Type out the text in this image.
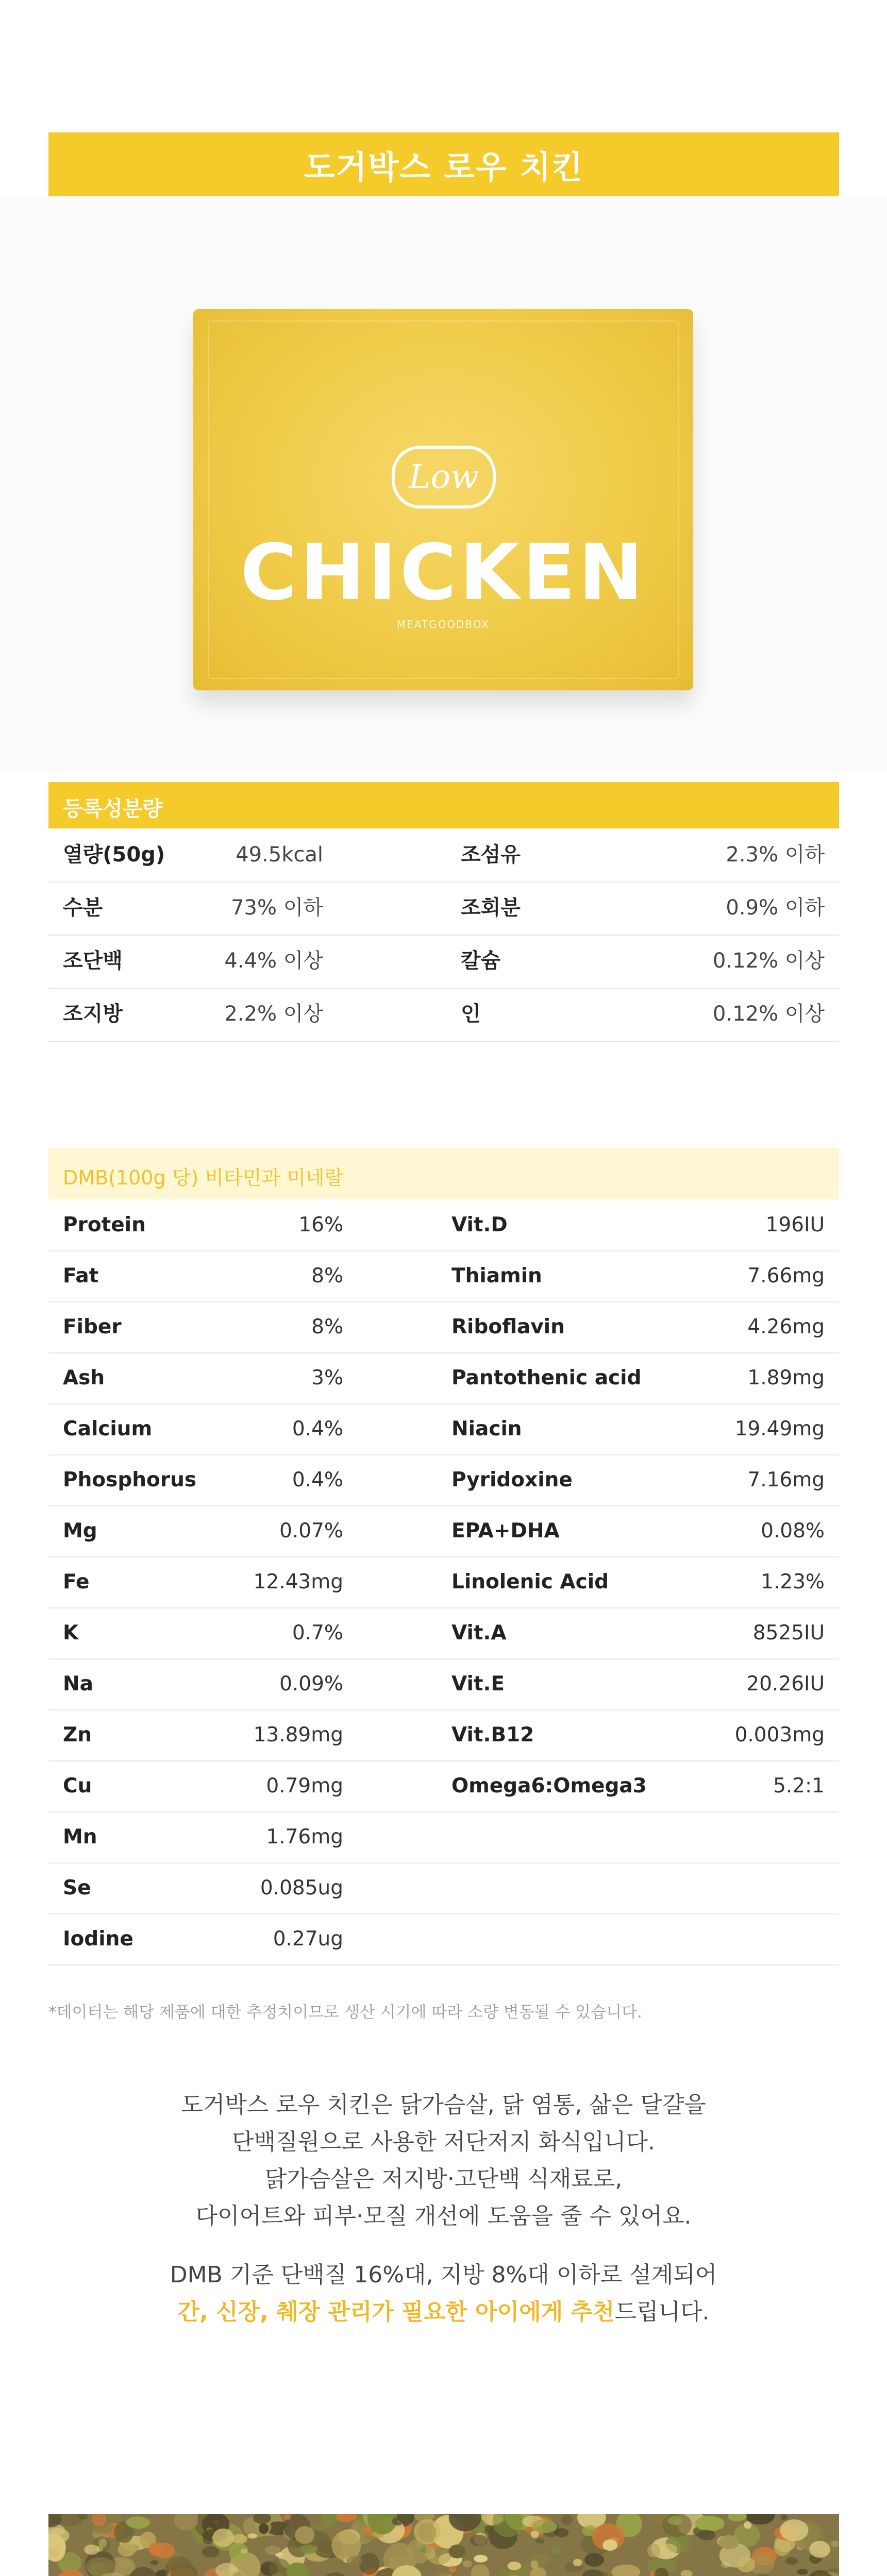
도거박스 로우 치킨
Low
CHICKEN
MEATGOODBOX
등록성분량
열량(50g)	49.5kcal	조섬유	2.3% 이하
수분	73% 이하	조회분	0.9% 이하
조단백	4.4% 이상	칼슘	0.12% 이상
조지방	2.2% 이상	인	0.12% 이상
DMB(100g 당) 비타민과 미네랄
Protein	16%	Vit.D	196IU
Fat	8%	Thiamin	7.66mg
Fiber	8%	Riboflavin	4.26mg
Ash	3%	Pantothenic acid	1.89mg
Calcium	0.4%	Niacin	19.49mg
Phosphorus	0.4%	Pyridoxine	7.16mg
Mg	0.07%	EPA+DHA	0.08%
Fe	12.43mg	Linolenic Acid	1.23%
K	0.7%	Vit.A	8525IU
Na	0.09%	Vit.E	20.26IU
Zn	13.89mg	Vit.B12	0.003mg
Cu	0.79mg	Omega6:Omega3	5.2:1
Mn	1.76mg
Se	0.085ug
Iodine	0.27ug
*데이터는 해당 제품에 대한 추정치이므로 생산 시기에 따라 소량 변동될 수 있습니다.
도거박스 로우 치킨은 닭가슴살, 닭 염통, 삶은 달걀을
단백질원으로 사용한 저단저지 화식입니다.
닭가슴살은 저지방·고단백 식재료로,
다이어트와 피부·모질 개선에 도움을 줄 수 있어요.
DMB 기준 단백질 16%대, 지방 8%대 이하로 설계되어
간, 신장, 췌장 관리가 필요한 아이에게 추천드립니다.
